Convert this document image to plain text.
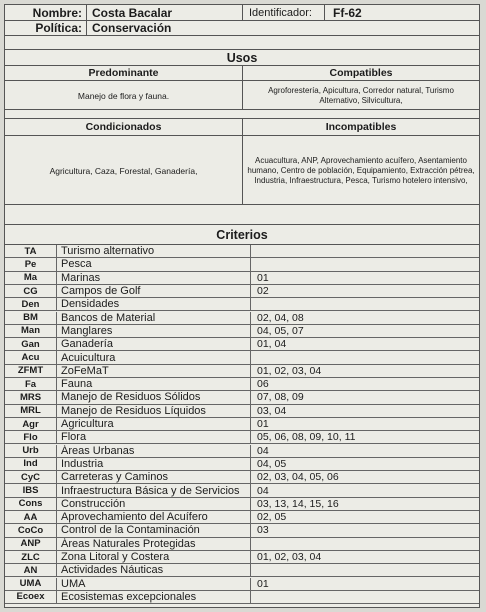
Nombre: Costa Bacalar	Identificador:	Ff-62
Política: Conservación
Usos
Predominante
Manejo de flora y fauna.
Compatibles
Agroforestería, Apicultura, Corredor natural, Turismo Alternativo, Silvicultura,
Condicionados
Agricultura, Caza, Forestal, Ganadería,
Incompatibles
Acuacultura, ANP, Aprovechamiento acuífero, Asentamiento humano, Centro de población, Equipamiento, Extracción pétrea, Industria, Infraestructura, Pesca, Turismo hotelero intensivo,
Criterios
TA	Turismo alternativo
Pe	Pesca
Ma	Marinas	01
CG	Campos de Golf	02
Den	Densidades
BM	Bancos de Material	02, 04, 08
Man	Manglares	04, 05, 07
Gan	Ganadería	01, 04
Acu	Acuicultura
ZFMT	ZoFeMaT	01, 02, 03, 04
Fa	Fauna	06
MRS	Manejo de Residuos Sólidos	07, 08, 09
MRL	Manejo de Residuos Líquidos	03, 04
Agr	Agricultura	01
Flo	Flora	05, 06, 08, 09, 10, 11
Urb	Áreas Urbanas	04
Ind	Industria	04, 05
CyC	Carreteras y Caminos	02, 03, 04, 05, 06
IBS	Infraestructura Básica y de Servicios	04
Cons	Construcción	03, 13, 14, 15, 16
AA	Aprovechamiento del Acuífero	02, 05
CoCo	Control de la Contaminación	03
ANP	Áreas Naturales Protegidas
ZLC	Zona Litoral y Costera	01, 02, 03, 04
AN	Actividades Náuticas
UMA	UMA	01
Ecoex	Ecosistemas excepcionales
